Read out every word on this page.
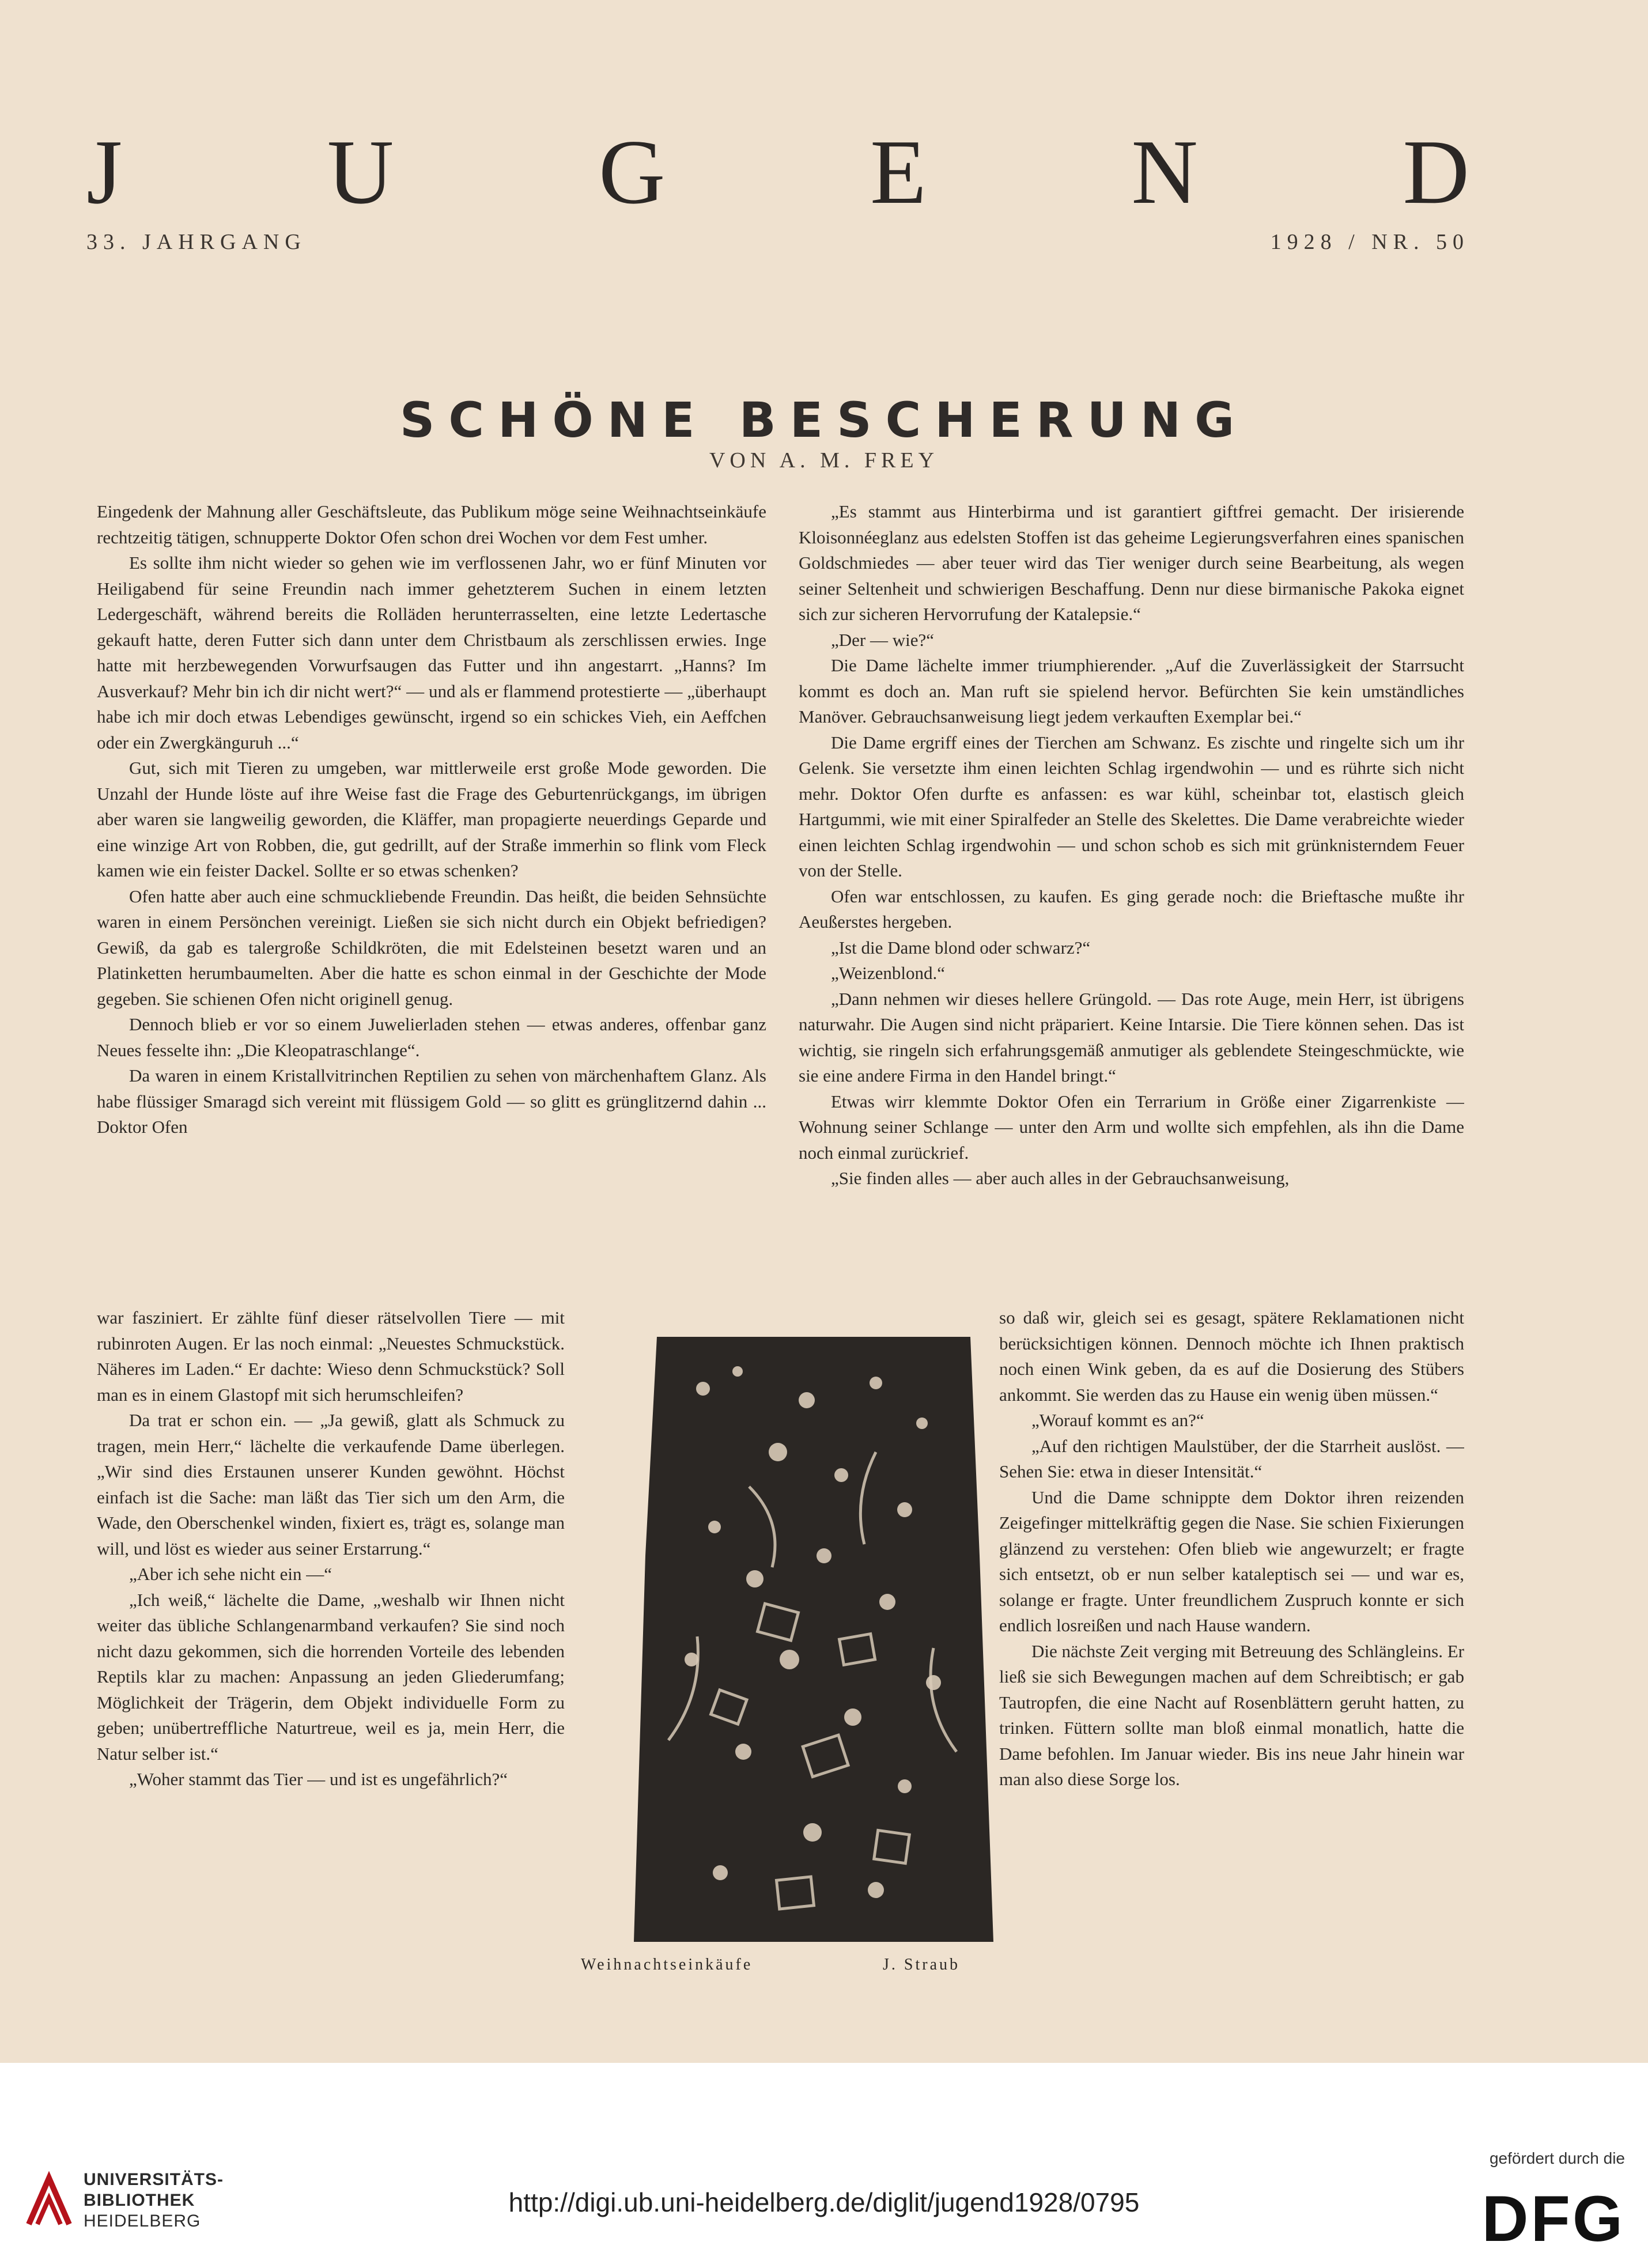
J U G E N D
33. JAHRGANG	1928 / NR. 50
SCHÖNE BESCHERUNG
VON A. M. FREY

Eingedenk der Mahnung aller Geschäftsleute, das Publikum möge seine Weihnachtseinkäufe rechtzeitig tätigen, schnupperte Doktor Ofen schon drei Wochen vor dem Fest umher.

Es sollte ihm nicht wieder so gehen wie im verflossenen Jahr, wo er fünf Minuten vor Heiligabend für seine Freundin nach immer gehetzterem Suchen in einem letzten Ledergeschäft, während bereits die Rolläden herunterrasselten, eine letzte Ledertasche gekauft hatte, deren Futter sich dann unter dem Christbaum als zerschlissen erwies. Inge hatte mit herzbewegenden Vorwurfsaugen das Futter und ihn angestarrt. „Hanns? Im Ausverkauf? Mehr bin ich dir nicht wert?“ — und als er flammend protestierte — „überhaupt habe ich mir doch etwas Lebendiges gewünscht, irgend so ein schickes Vieh, ein Aeffchen oder ein Zwergkänguruh ...“

Gut, sich mit Tieren zu umgeben, war mittlerweile erst große Mode geworden. Die Unzahl der Hunde löste auf ihre Weise fast die Frage des Geburtenrückgangs, im übrigen aber waren sie langweilig geworden, die Kläffer, man propagierte neuerdings Geparde und eine winzige Art von Robben, die, gut gedrillt, auf der Straße immerhin so flink vom Fleck kamen wie ein feister Dackel. Sollte er so etwas schenken?

Ofen hatte aber auch eine schmuckliebende Freundin. Das heißt, die beiden Sehnsüchte waren in einem Persönchen vereinigt. Ließen sie sich nicht durch ein Objekt befriedigen? Gewiß, da gab es talergroße Schildkröten, die mit Edelsteinen besetzt waren und an Platinketten herumbaumelten. Aber die hatte es schon einmal in der Geschichte der Mode gegeben. Sie schienen Ofen nicht originell genug.

Dennoch blieb er vor so einem Juwelierladen stehen — etwas anderes, offenbar ganz Neues fesselte ihn: „Die Kleopatraschlange“.

Da waren in einem Kristallvitrinchen Reptilien zu sehen von märchenhaftem Glanz. Als habe flüssiger Smaragd sich vereint mit flüssigem Gold — so glitt es grünglitzernd dahin ... Doktor Ofen

war fasziniert. Er zählte fünf dieser rätselvollen Tiere — mit rubinroten Augen. Er las noch einmal: „Neuestes Schmuckstück. Näheres im Laden.“ Er dachte: Wieso denn Schmuckstück? Soll man es in einem Glastopf mit sich herumschleifen?

Da trat er schon ein. — „Ja gewiß, glatt als Schmuck zu tragen, mein Herr,“ lächelte die verkaufende Dame überlegen. „Wir sind dies Erstaunen unserer Kunden gewöhnt. Höchst einfach ist die Sache: man läßt das Tier sich um den Arm, die Wade, den Oberschenkel winden, fixiert es, trägt es, solange man will, und löst es wieder aus seiner Erstarrung.“

„Aber ich sehe nicht ein —“

„Ich weiß,“ lächelte die Dame, „weshalb wir Ihnen nicht weiter das übliche Schlangenarmband verkaufen? Sie sind noch nicht dazu gekommen, sich die horrenden Vorteile des lebenden Reptils klar zu machen: Anpassung an jeden Gliederumfang; Möglichkeit der Trägerin, dem Objekt individuelle Form zu geben; unübertreffliche Naturtreue, weil es ja, mein Herr, die Natur selber ist.“

„Woher stammt das Tier — und ist es ungefährlich?“

„Es stammt aus Hinterbirma und ist garantiert giftfrei gemacht. Der irisierende Kloisonnéeglanz aus edelsten Stoffen ist das geheime Legierungsverfahren eines spanischen Goldschmiedes — aber teuer wird das Tier weniger durch seine Bearbeitung, als wegen seiner Seltenheit und schwierigen Beschaffung. Denn nur diese birmanische Pakoka eignet sich zur sicheren Hervorrufung der Katalepsie.“

„Der — wie?“

Die Dame lächelte immer triumphierender. „Auf die Zuverlässigkeit der Starrsucht kommt es doch an. Man ruft sie spielend hervor. Befürchten Sie kein umständliches Manöver. Gebrauchsanweisung liegt jedem verkauften Exemplar bei.“

Die Dame ergriff eines der Tierchen am Schwanz. Es zischte und ringelte sich um ihr Gelenk. Sie versetzte ihm einen leichten Schlag irgendwohin — und es rührte sich nicht mehr. Doktor Ofen durfte es anfassen: es war kühl, scheinbar tot, elastisch gleich Hartgummi, wie mit einer Spiralfeder an Stelle des Skelettes. Die Dame verabreichte wieder einen leichten Schlag irgendwohin — und schon schob es sich mit grünknisterndem Feuer von der Stelle.

Ofen war entschlossen, zu kaufen. Es ging gerade noch: die Brieftasche mußte ihr Aeußerstes hergeben.

„Ist die Dame blond oder schwarz?“

„Weizenblond.“

„Dann nehmen wir dieses hellere Grüngold. — Das rote Auge, mein Herr, ist übrigens naturwahr. Die Augen sind nicht präpariert. Keine Intarsie. Die Tiere können sehen. Das ist wichtig, sie ringeln sich erfahrungsgemäß anmutiger als geblendete Steingeschmückte, wie sie eine andere Firma in den Handel bringt.“

Etwas wirr klemmte Doktor Ofen ein Terrarium in Größe einer Zigarrenkiste — Wohnung seiner Schlange — unter den Arm und wollte sich empfehlen, als ihn die Dame noch einmal zurückrief.

„Sie finden alles — aber auch alles in der Gebrauchsanweisung,

so daß wir, gleich sei es gesagt, spätere Reklamationen nicht berücksichtigen können. Dennoch möchte ich Ihnen praktisch noch einen Wink geben, da es auf die Dosierung des Stübers ankommt. Sie werden das zu Hause ein wenig üben müssen.“

„Worauf kommt es an?“

„Auf den richtigen Maulstüber, der die Starrheit auslöst. — Sehen Sie: etwa in dieser Intensität.“

Und die Dame schnippte dem Doktor ihren reizenden Zeigefinger mittelkräftig gegen die Nase. Sie schien Fixierungen glänzend zu verstehen: Ofen blieb wie angewurzelt; er fragte sich entsetzt, ob er nun selber kataleptisch sei — und war es, solange er fragte. Unter freundlichem Zuspruch konnte er sich endlich losreißen und nach Hause wandern.

Die nächste Zeit verging mit Betreuung des Schlängleins. Er ließ sie sich Bewegungen machen auf dem Schreibtisch; er gab Tautropfen, die eine Nacht auf Rosenblättern geruht hatten, zu trinken. Füttern sollte man bloß einmal monatlich, hatte die Dame befohlen. Im Januar wieder. Bis ins neue Jahr hinein war man also diese Sorge los.

Weihnachtseinkäufe	J. Straub
UNIVERSITÄTS-
BIBLIOTHEK
HEIDELBERG
http://digi.ub.uni-heidelberg.de/diglit/jugend1928/0795
gefördert durch die
DFG
